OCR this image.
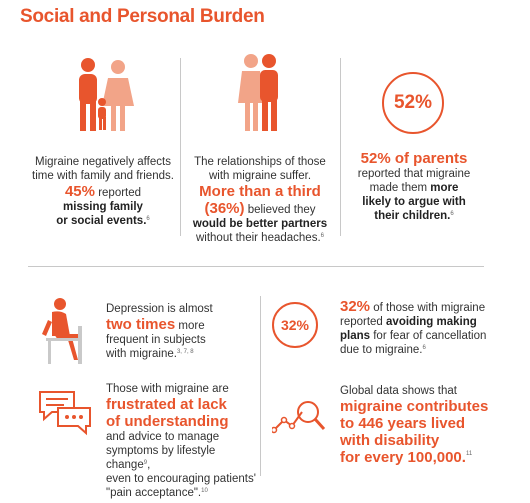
Social and Personal Burden
Migraine negatively affects
time with family and friends.
45% reported
missing family
or social events.$^6$
The relationships of those
with migraine suffer.
More than a third
(36%) believed they
would be better partners
without their headaches.$^6$
52%
52% of parents
reported that migraine
made them more
likely to argue with
their children.$^6$
Depression is almost
two times more
frequent in subjects
with migraine.$^{3, 7, 8}$
32%
32% of those with migraine
reported avoiding making
plans for fear of cancellation
due to migraine.$^6$
Those with migraine are
frustrated at lack
of understanding
and advice to manage
symptoms by lifestyle change$^9$,
even to encouraging patients'
"pain acceptance".$^{10}$
Global data shows that
migraine contributes
to 446 years lived
with disability
for every 100,000.11
